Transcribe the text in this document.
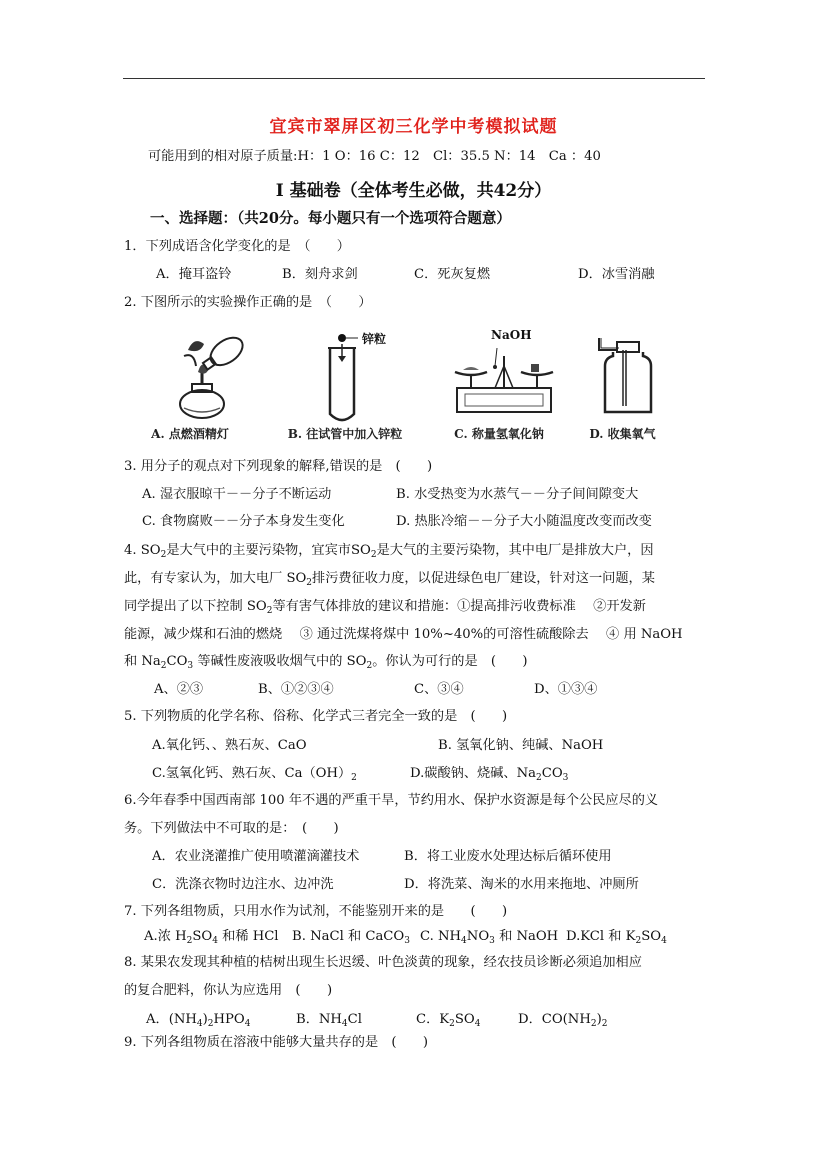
宜宾市翠屏区初三化学中考模拟试题
可能用到的相对原子质量:H：1 O：16 C：12　Cl：35.5 N：14　Ca ：40
I 基础卷（全体考生必做，共42分）
一、选择题：（共20分。每小题只有一个选项符合题意）
1．下列成语含化学变化的是　（　　）
A．掩耳盗铃	B．刻舟求剑	C．死灰复燃	D．冰雪消融
2. 下图所示的实验操作正确的是　（　　）
A. 点燃酒精灯
锌粒
B. 往试管中加入锌粒
NaOH
C. 称量氢氧化钠	D. 收集氧气
3. 用分子的观点对下列现象的解释,错误的是　(　　)
A. 湿衣服晾干－－分子不断运动	B. 水受热变为水蒸气－－分子间间隙变大
C. 食物腐败－－分子本身发生变化	D. 热胀冷缩－－分子大小随温度改变而改变
4. $SO_2$是大气中的主要污染物，宜宾市$SO_2$是大气的主要污染物，其中电厂是排放大户，因
此，有专家认为，加大电厂 $SO_2$排污费征收力度，以促进绿色电厂建设，针对这一问题，某
同学提出了以下控制 $SO_2$等有害气体排放的建议和措施：①提高排污收费标准　 ②开发新
能源，减少煤和石油的燃烧　 ③ 通过洗煤将煤中 10%~40%的可溶性硫酸除去　 ④ 用 NaOH
和 $Na_2CO_3$ 等碱性废液吸收烟气中的 $SO_2$。你认为可行的是　(　　)
A、②③	B、①②③④	C、③④	D、①③④
5. 下列物质的化学名称、俗称、化学式三者完全一致的是　(　　)
A.氧化钙、、熟石灰、CaO	B. 氢氧化钠、纯碱、NaOH
C.氢氧化钙、熟石灰、$Ca(OH)_2$	D.碳酸钠、烧碱、$Na_2CO_3$
6.今年春季中国西南部 100 年不遇的严重干旱，节约用水、保护水资源是每个公民应尽的义
务。下列做法中不可取的是：　(　　)
A．农业浇灌推广使用喷灌滴灌技术	B．将工业废水处理达标后循环使用
C．洗涤衣物时边注水、边冲洗	D．将洗菜、淘米的水用来拖地、冲厕所
7. 下列各组物质，只用水作为试剂，不能鉴别开来的是　　(　　)
A.浓 $H_2SO_4$ 和稀 HCl B. NaCl 和 CaCO$_3$ C. $NH_4NO_3$ 和 NaOH D.KCl 和 $K_2SO_4$
8. 某果农发现其种植的桔树出现生长迟缓、叶色淡黄的现象，经农技员诊断必须追加相应
的复合肥料，你认为应选用　(　　)
A．$(NH_4)_2HPO_4$	B．$NH_4Cl$	C．$K_2SO_4$	D．$CO(NH_2)_2$
9. 下列各组物质在溶液中能够大量共存的是　(　　)
